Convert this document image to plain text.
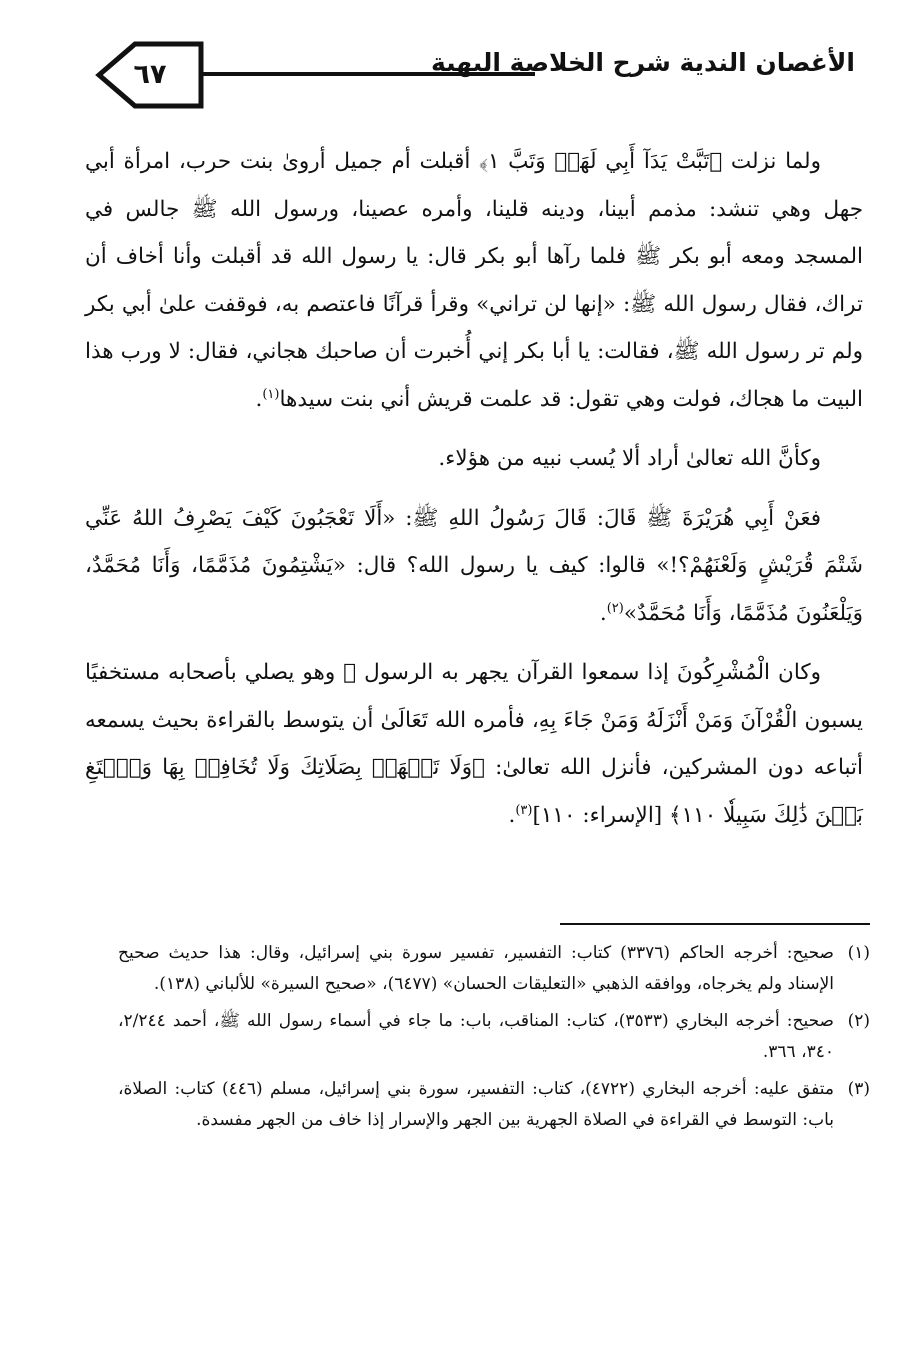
٦٧	الأغصان الندية شرح الخلاصة البهية

ولما نزلت ﴿تَبَّتْ يَدَآ أَبِي لَهَبٖ وَتَبَّ ١﴾ أقبلت أم جميل أروىٰ بنت حرب، امرأة أبي جهل وهي تنشد: مذمم أبينا، ودينه قلينا، وأمره عصينا، ورسول الله ﷺ جالس في المسجد ومعه أبو بكر ﷺ فلما رآها أبو بكر قال: يا رسول الله قد أقبلت وأنا أخاف أن تراك، فقال رسول الله ﷺ: «إنها لن تراني» وقرأ قرآنًا فاعتصم به، فوقفت علىٰ أبي بكر ولم تر رسول الله ﷺ، فقالت: يا أبا بكر إني أُخبرت أن صاحبك هجاني، فقال: لا ورب هذا البيت ما هجاك، فولت وهي تقول: قد علمت قريش أني بنت سيدها$^{(١)}$.

وكأنَّ الله تعالىٰ أراد ألا يُسب نبيه من هؤلاء.

فعَنْ أَبِي هُرَيْرَةَ ﷺ قَالَ: قَالَ رَسُولُ اللهِ ﷺ: «أَلَا تَعْجَبُونَ كَيْفَ يَصْرِفُ اللهُ عَنِّي شَتْمَ قُرَيْشٍ وَلَعْنَهُمْ؟!» قالوا: كيف يا رسول الله؟ قال: «يَشْتِمُونَ مُذَمَّمًا، وَأَنَا مُحَمَّدٌ، وَيَلْعَنُونَ مُذَمَّمًا، وَأَنَا مُحَمَّدٌ»$^{(٢)}$.

وكان الْمُشْرِكُونَ إذا سمعوا القرآن يجهر به الرسول ﷺ وهو يصلي بأصحابه مستخفيًا يسبون الْقُرْآنَ وَمَنْ أَنْزَلَهُ وَمَنْ جَاءَ بِهِ، فأمره الله تَعَالَىٰ أن يتوسط بالقراءة بحيث يسمعه أتباعه دون المشركين، فأنزل الله تعالىٰ: ﴿وَلَا تَجۡهَرۡ بِصَلَاتِكَ وَلَا تُخَافِتۡ بِهَا وَٱبۡتَغِ بَيۡنَ ذَٰلِكَ سَبِيلٗا ١١٠﴾ [الإسراء: ١١٠]$^{(٣)}$.

(١)
صحيح: أخرجه الحاكم (٣٣٧٦) كتاب: التفسير، تفسير سورة بني إسرائيل، وقال: هذا حديث صحيح الإسناد ولم يخرجاه، ووافقه الذهبي «التعليقات الحسان» (٦٤٧٧)، «صحيح السيرة» للألباني (١٣٨).

(٢)
صحيح: أخرجه البخاري (٣٥٣٣)، كتاب: المناقب، باب: ما جاء في أسماء رسول الله ﷺ، أحمد ٢/٢٤٤، ٣٤٠، ٣٦٦.

(٣)
متفق عليه: أخرجه البخاري (٤٧٢٢)، كتاب: التفسير، سورة بني إسرائيل، مسلم (٤٤٦) كتاب: الصلاة، باب: التوسط في القراءة في الصلاة الجهرية بين الجهر والإسرار إذا خاف من الجهر مفسدة.
